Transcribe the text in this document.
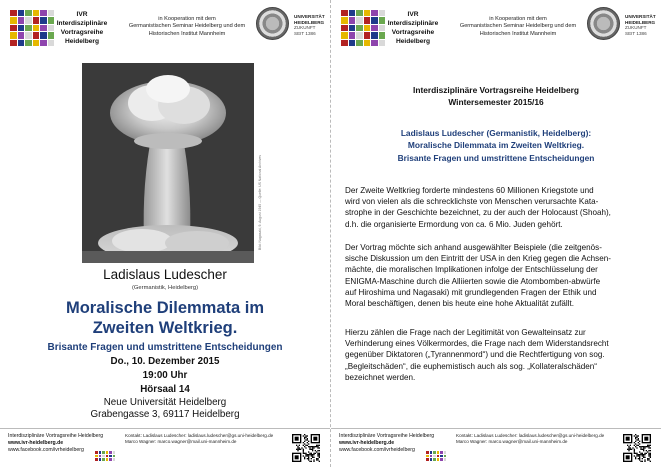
IVR
Interdisziplinäre
Vortragsreihe
Heidelberg
in Kooperation mit dem
Germanistischen Seminar Heidelberg und dem
Historischen Institut Mannheim
UNIVERSITÄT
HEIDELBERG
ZUKUNFT
SEIT 1386
Bild: Nagasaki, 9. August 1945 — Quelle: US National Archives
Ladislaus Ludescher
(Germanistik, Heidelberg)
Moralische Dilemmata im
Zweiten Weltkrieg.
Brisante Fragen und umstrittene Entscheidungen
Do., 10. Dezember 2015
19:00 Uhr
Hörsaal 14
Neue Universität Heidelberg
Grabengasse 3, 69117 Heidelberg
Interdisziplinäre Vortragsreihe Heidelberg
www.ivr-heidelberg.de
www.facebook.com/ivrheidelberg
Kontakt: Ladislaus Ludescher: ladislaus.ludescher@gs.uni-heidelberg.de
Marco Wagner: marco.wagner@mail.uni-mannheim.de
IVR
Interdisziplinäre
Vortragsreihe
Heidelberg
in Kooperation mit dem
Germanistischen Seminar Heidelberg und dem
Historischen Institut Mannheim
UNIVERSITÄT
HEIDELBERG
ZUKUNFT
SEIT 1386
Interdisziplinäre Vortragsreihe Heidelberg
Wintersemester 2015/16
Ladislaus Ludescher (Germanistik, Heidelberg):
Moralische Dilemmata im Zweiten Weltkrieg.
Brisante Fragen und umstrittene Entscheidungen
Der Zweite Weltkrieg forderte mindestens 60 Millionen Kriegstote und
wird von vielen als die schrecklichste von Menschen verursachte Kata-
strophe in der Geschichte bezeichnet, zu der auch der Holocaust (Shoah),
d.h. die organisierte Ermordung von ca. 6 Mio. Juden gehört.
Der Vortrag möchte sich anhand ausgewählter Beispiele (die zeitgenös-
sische Diskussion um den Eintritt der USA in den Krieg gegen die Achsen-
mächte, die moralischen Implikationen infolge der Entschlüsselung der
ENIGMA-Maschine durch die Alliierten sowie die Atombomben-abwürfe
auf Hiroshima und Nagasaki) mit grundlegenden Fragen der Ethik und
Moral beschäftigen, denen bis heute eine hohe Aktualität zufällt.
Hierzu zählen die Frage nach der Legitimität von Gewalteinsatz zur
Verhinderung eines Völkermordes, die Frage nach dem Widerstandsrecht
gegenüber Diktatoren („Tyrannenmord“) und die Rechtfertigung von sog.
„Begleitschäden“, die euphemistisch auch als sog. „Kollateralschäden“
bezeichnet werden.
Interdisziplinäre Vortragsreihe Heidelberg
www.ivr-heidelberg.de
www.facebook.com/ivrheidelberg
Kontakt: Ladislaus Ludescher: ladislaus.ludescher@gs.uni-heidelberg.de
Marco Wagner: marco.wagner@mail.uni-mannheim.de
